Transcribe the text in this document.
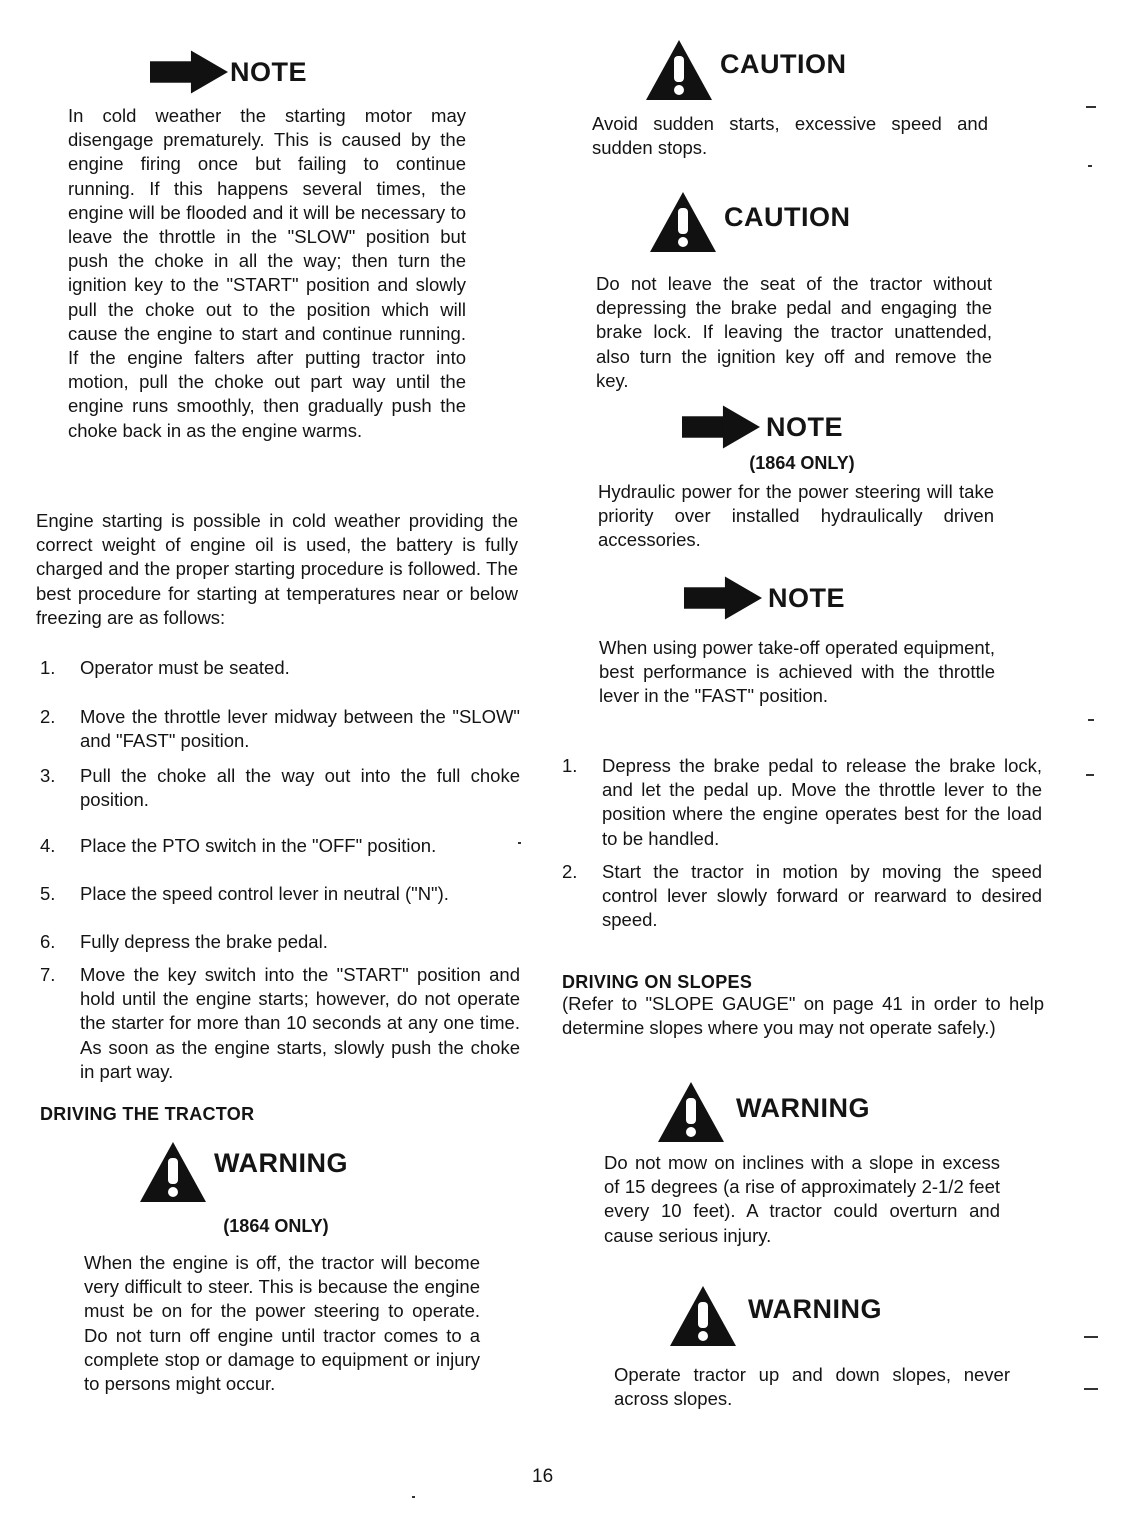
NOTE
In cold weather the starting motor may disengage prematurely. This is caused by the engine firing once but failing to continue running. If this happens several times, the engine will be flooded and it will be necessary to leave the throttle in the "SLOW" position but push the choke in all the way; then turn the ignition key to the "START" position and slowly pull the choke out to the position which will cause the engine to start and continue running. If the engine falters after putting tractor into motion, pull the choke out part way until the engine runs smoothly, then gradually push the choke back in as the engine warms.
Engine starting is possible in cold weather providing the correct weight of engine oil is used, the battery is fully charged and the proper starting procedure is followed. The best procedure for starting at temperatures near or below freezing are as follows:
1.	Operator must be seated.
2.	Move the throttle lever midway between the "SLOW" and "FAST" position.
3.	Pull the choke all the way out into the full choke position.
4.	Place the PTO switch in the "OFF" position.
5.	Place the speed control lever in neutral ("N").
6.	Fully depress the brake pedal.
7.	Move the key switch into the "START" position and hold until the engine starts; however, do not operate the starter for more than 10 seconds at any one time. As soon as the engine starts, slowly push the choke in part way.
DRIVING THE TRACTOR
WARNING
(1864 ONLY)
When the engine is off, the tractor will become very difficult to steer. This is because the engine must be on for the power steering to operate. Do not turn off engine until tractor comes to a complete stop or damage to equipment or injury to persons might occur.
CAUTION
Avoid sudden starts, excessive speed and sudden stops.
CAUTION
Do not leave the seat of the tractor without depressing the brake pedal and engaging the brake lock. If leaving the tractor unattended, also turn the ignition key off and remove the key.
NOTE
(1864 ONLY)
Hydraulic power for the power steering will take priority over installed hydraulically driven accessories.
NOTE
When using power take-off operated equipment, best performance is achieved with the throttle lever in the "FAST" position.
1.	Depress the brake pedal to release the brake lock, and let the pedal up. Move the throttle lever to the position where the engine operates best for the load to be handled.
2.	Start the tractor in motion by moving the speed control lever slowly forward or rearward to desired speed.
DRIVING ON SLOPES
(Refer to "SLOPE GAUGE" on page 41 in order to help determine slopes where you may not operate safely.)
WARNING
Do not mow on inclines with a slope in excess of 15 degrees (a rise of approximately 2-1/2 feet every 10 feet). A tractor could overturn and cause serious injury.
WARNING
Operate tractor up and down slopes, never across slopes.
16
